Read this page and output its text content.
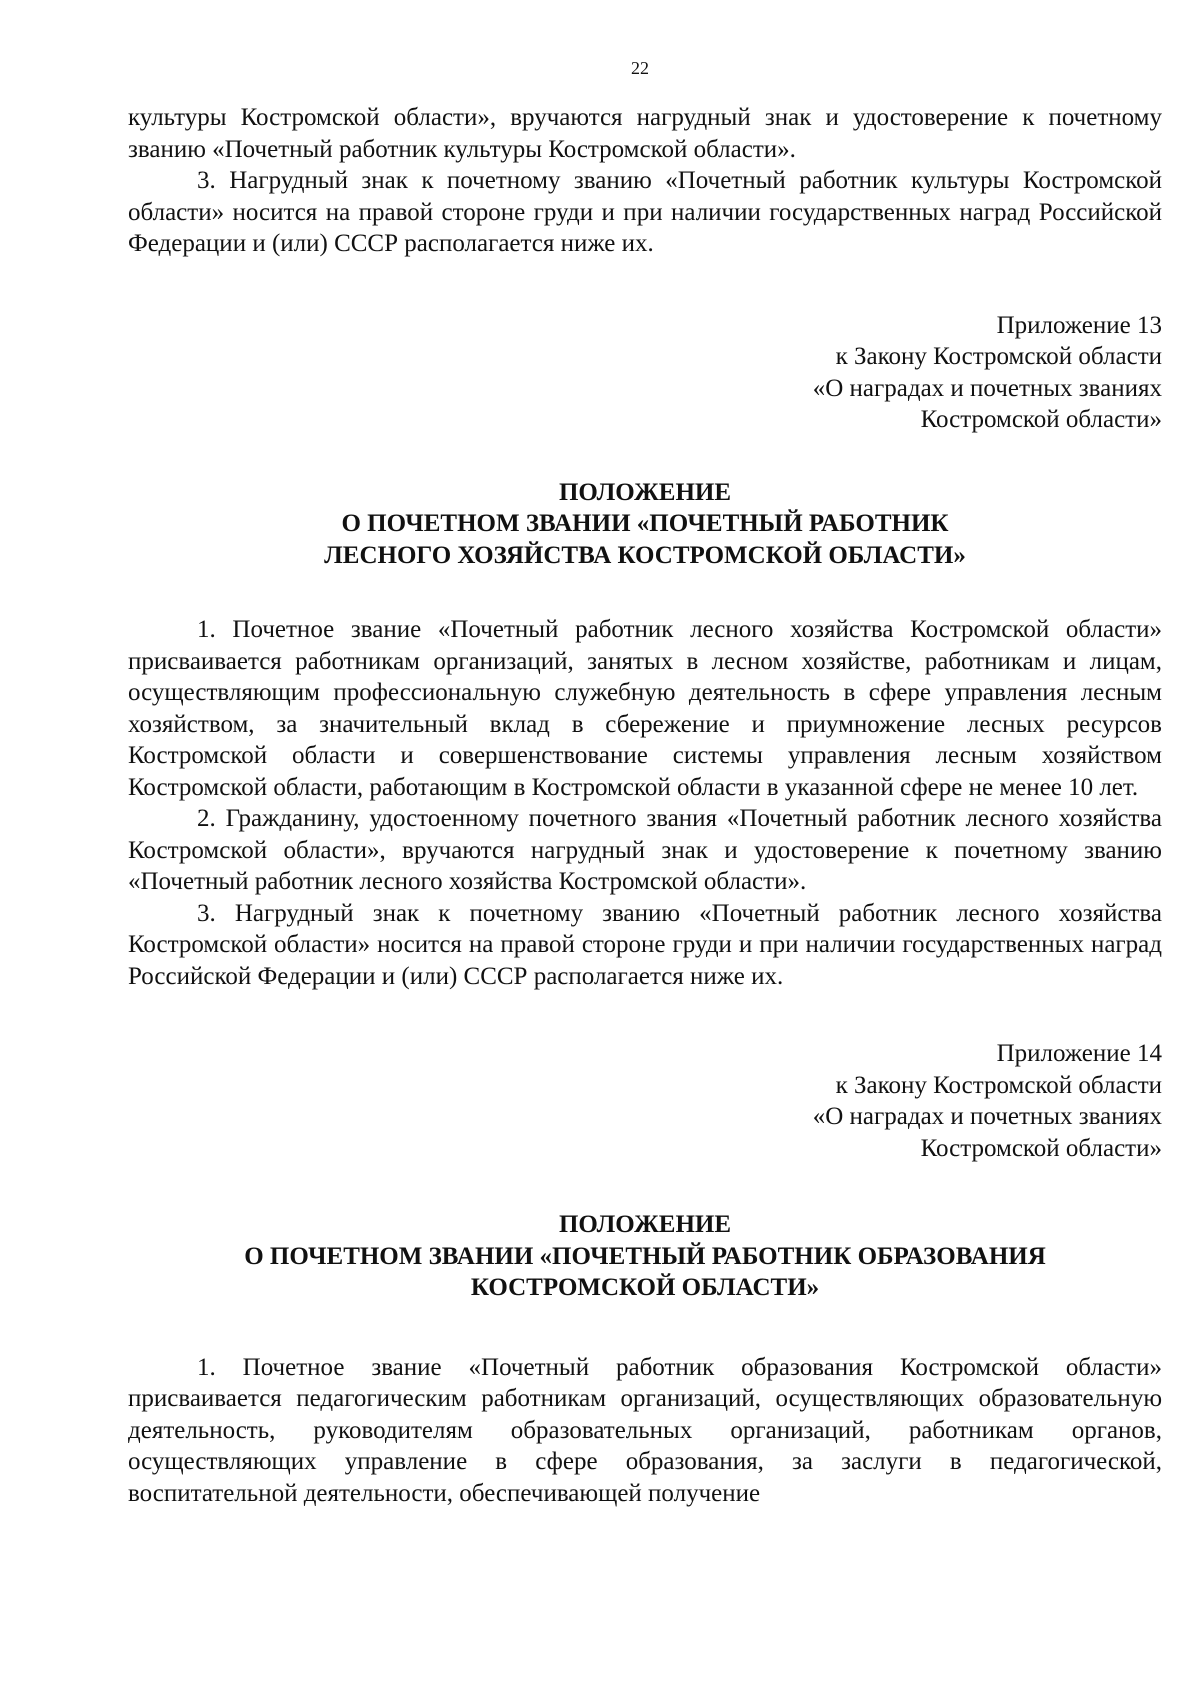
22

культуры Костромской области», вручаются нагрудный знак и удостоверение к почетному званию «Почетный работник культуры Костромской области».

3. Нагрудный знак к почетному званию «Почетный работник культуры Костромской области» носится на правой стороне груди и при наличии государственных наград Российской Федерации и (или) СССР располагается ниже их.

Приложение 13
к Закону Костромской области
«О наградах и почетных званиях
Костромской области»
ПОЛОЖЕНИЕ
О ПОЧЕТНОМ ЗВАНИИ «ПОЧЕТНЫЙ РАБОТНИК
ЛЕСНОГО ХОЗЯЙСТВА КОСТРОМСКОЙ ОБЛАСТИ»

1. Почетное звание «Почетный работник лесного хозяйства Костромской области» присваивается работникам организаций, занятых в лесном хозяйстве, работникам и лицам, осуществляющим профессиональную служебную деятельность в сфере управления лесным хозяйством, за значительный вклад в сбережение и приумножение лесных ресурсов Костромской области и совершенствование системы управления лесным хозяйством Костромской области, работающим в Костромской области в указанной сфере не менее 10 лет.

2. Гражданину, удостоенному почетного звания «Почетный работник лесного хозяйства Костромской области», вручаются нагрудный знак и удостоверение к почетному званию «Почетный работник лесного хозяйства Костромской области».

3. Нагрудный знак к почетному званию «Почетный работник лесного хозяйства Костромской области» носится на правой стороне груди и при наличии государственных наград Российской Федерации и (или) СССР располагается ниже их.

Приложение 14
к Закону Костромской области
«О наградах и почетных званиях
Костромской области»
ПОЛОЖЕНИЕ
О ПОЧЕТНОМ ЗВАНИИ «ПОЧЕТНЫЙ РАБОТНИК ОБРАЗОВАНИЯ
КОСТРОМСКОЙ ОБЛАСТИ»

1. Почетное звание «Почетный работник образования Костромской области» присваивается педагогическим работникам организаций, осуществляющих образовательную деятельность, руководителям образовательных организаций, работникам органов, осуществляющих управление в сфере образования, за заслуги в педагогической, воспитательной деятельности, обеспечивающей получение
